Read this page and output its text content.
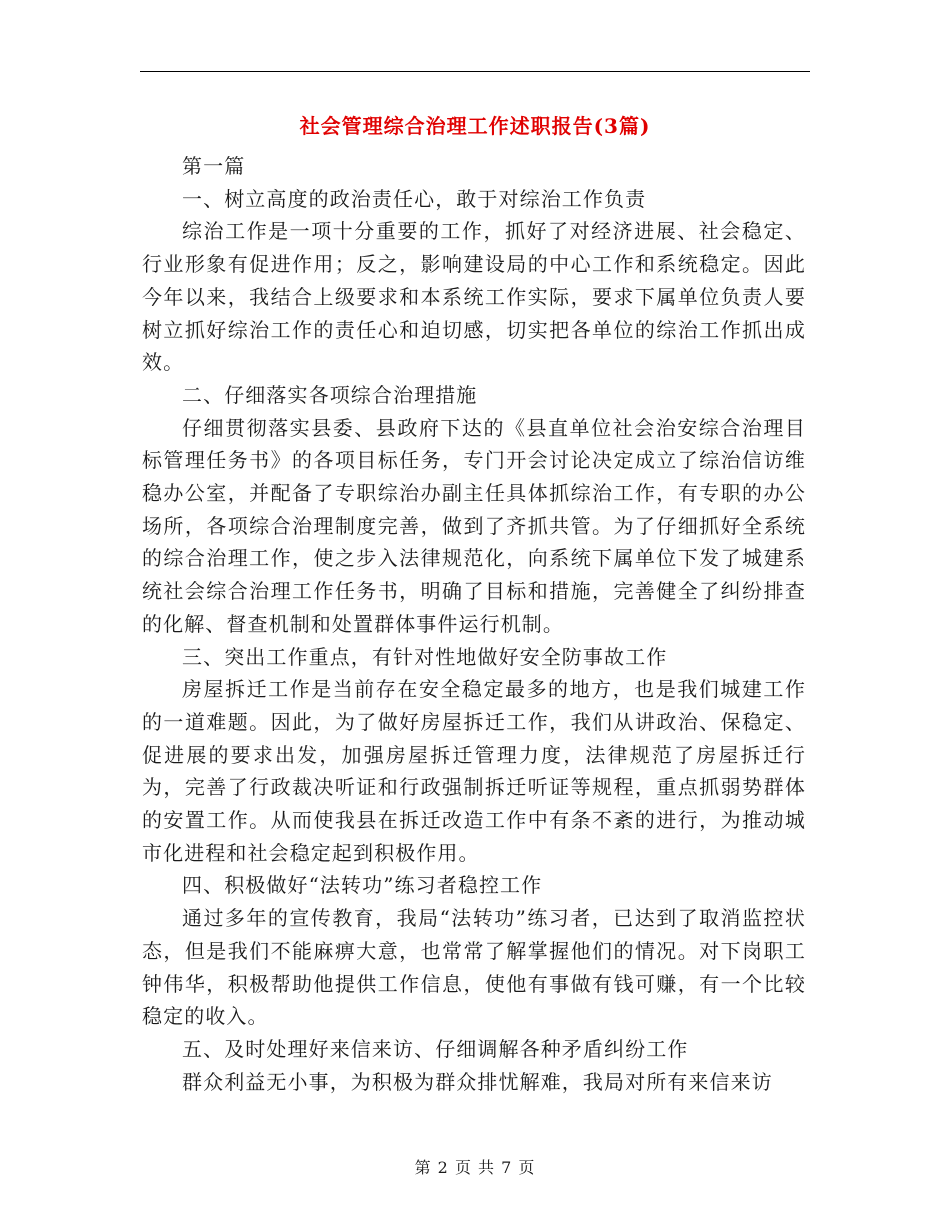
社会管理综合治理工作述职报告(3篇)

第一篇

一、树立高度的政治责任心，敢于对综治工作负责

综治工作是一项十分重要的工作，抓好了对经济进展、社会稳定、行业形象有促进作用；反之，影响建设局的中心工作和系统稳定。因此今年以来，我结合上级要求和本系统工作实际，要求下属单位负责人要树立抓好综治工作的责任心和迫切感，切实把各单位的综治工作抓出成效。

二、仔细落实各项综合治理措施

仔细贯彻落实县委、县政府下达的《县直单位社会治安综合治理目标管理任务书》的各项目标任务，专门开会讨论决定成立了综治信访维稳办公室，并配备了专职综治办副主任具体抓综治工作，有专职的办公场所，各项综合治理制度完善，做到了齐抓共管。为了仔细抓好全系统的综合治理工作，使之步入法律规范化，向系统下属单位下发了城建系统社会综合治理工作任务书，明确了目标和措施，完善健全了纠纷排查的化解、督查机制和处置群体事件运行机制。

三、突出工作重点，有针对性地做好安全防事故工作

房屋拆迁工作是当前存在安全稳定最多的地方，也是我们城建工作的一道难题。因此，为了做好房屋拆迁工作，我们从讲政治、保稳定、促进展的要求出发，加强房屋拆迁管理力度，法律规范了房屋拆迁行为，完善了行政裁决听证和行政强制拆迁听证等规程，重点抓弱势群体的安置工作。从而使我县在拆迁改造工作中有条不紊的进行，为推动城市化进程和社会稳定起到积极作用。

四、积极做好“法转功”练习者稳控工作

通过多年的宣传教育，我局“法转功”练习者，已达到了取消监控状态，但是我们不能麻痹大意，也常常了解掌握他们的情况。对下岗职工钟伟华，积极帮助他提供工作信息，使他有事做有钱可赚，有一个比较稳定的收入。

五、及时处理好来信来访、仔细调解各种矛盾纠纷工作

群众利益无小事，为积极为群众排忧解难，我局对所有来信来访

第 2 页 共 7 页
